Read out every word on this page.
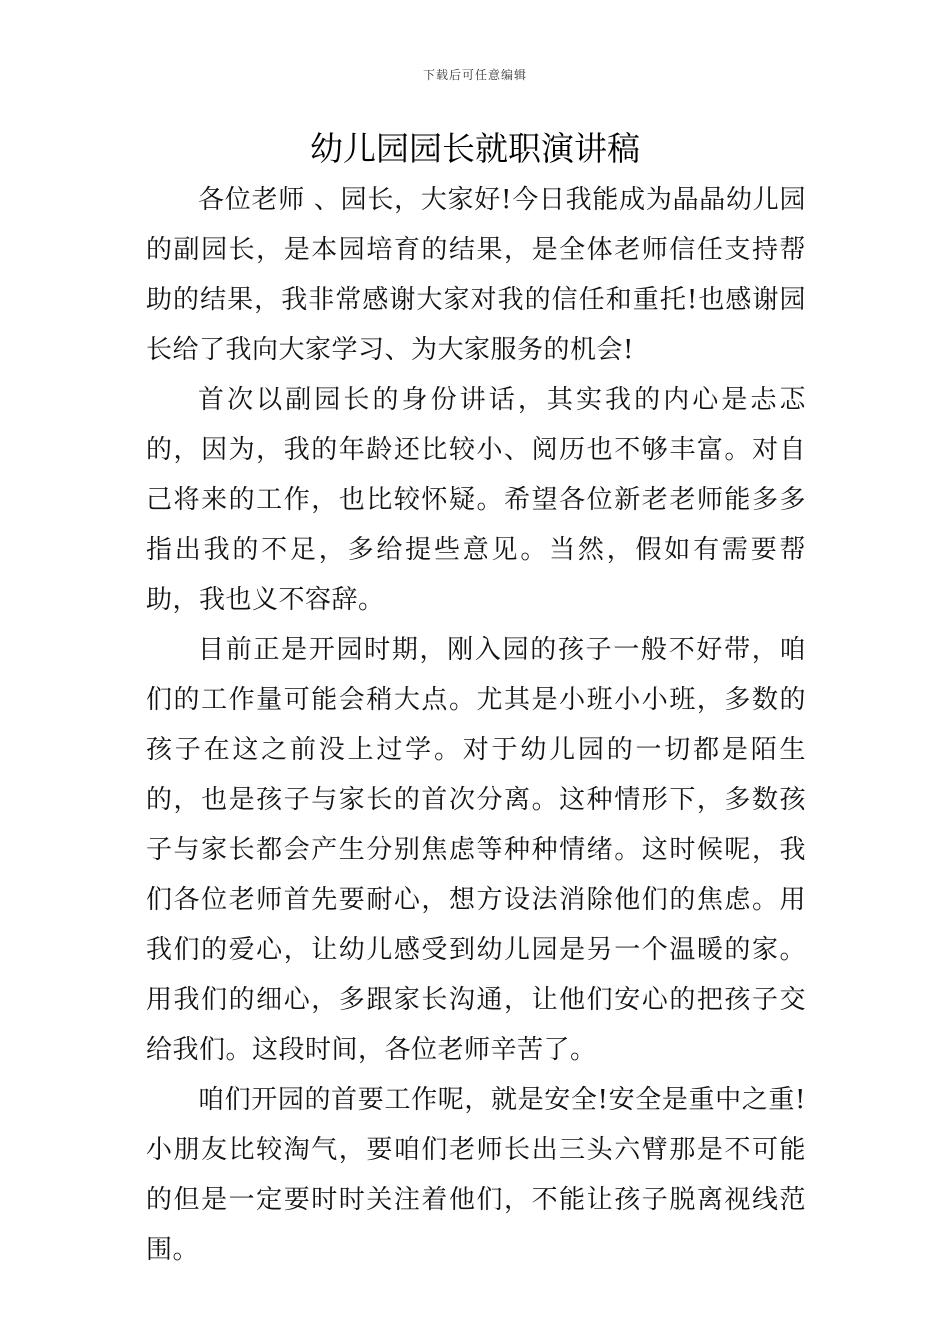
下载后可任意编辑
幼儿园园长就职演讲稿

各位老师 、园长，大家好!今日我能成为晶晶幼儿园的副园长，是本园培育的结果，是全体老师信任支持帮助的结果，我非常感谢大家对我的信任和重托!也感谢园长给了我向大家学习、为大家服务的机会!

首次以副园长的身份讲话，其实我的内心是忐忑的，因为，我的年龄还比较小、阅历也不够丰富。对自己将来的工作，也比较怀疑。希望各位新老老师能多多指出我的不足，多给提些意见。当然，假如有需要帮助，我也义不容辞。

目前正是开园时期，刚入园的孩子一般不好带，咱们的工作量可能会稍大点。尤其是小班小小班，多数的孩子在这之前没上过学。对于幼儿园的一切都是陌生的，也是孩子与家长的首次分离。这种情形下，多数孩子与家长都会产生分别焦虑等种种情绪。这时候呢，我们各位老师首先要耐心，想方设法消除他们的焦虑。用我们的爱心，让幼儿感受到幼儿园是另一个温暖的家。用我们的细心，多跟家长沟通，让他们安心的把孩子交给我们。这段时间，各位老师辛苦了。

咱们开园的首要工作呢，就是安全!安全是重中之重!小朋友比较淘气，要咱们老师长出三头六臂那是不可能的但是一定要时时关注着他们，不能让孩子脱离视线范围。
